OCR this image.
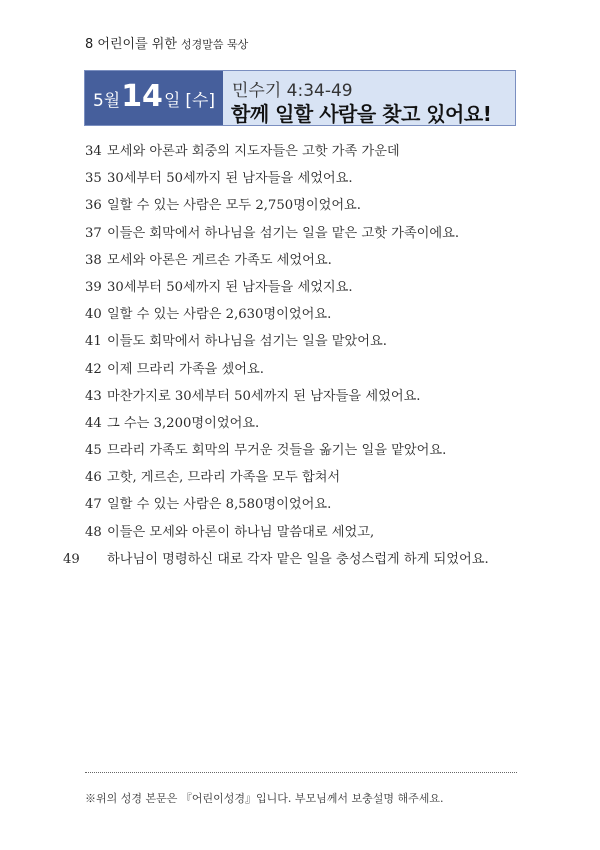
8 어린이를 위한 성경말씀 묵상
5월 14 일 [수] 민수기 4:34-49
함께 일할 사람을 찾고 있어요!
34 모세와 아론과 회중의 지도자들은 고핫 가족 가운데
35 30세부터 50세까지 된 남자들을 세었어요.
36 일할 수 있는 사람은 모두 2,750명이었어요.
37 이들은 회막에서 하나님을 섬기는 일을 맡은 고핫 가족이에요.
38 모세와 아론은 게르손 가족도 세었어요.
39 30세부터 50세까지 된 남자들을 세었지요.
40 일할 수 있는 사람은 2,630명이었어요.
41 이들도 회막에서 하나님을 섬기는 일을 맡았어요.
42 이제 므라리 가족을 셌어요.
43 마찬가지로 30세부터 50세까지 된 남자들을 세었어요.
44 그 수는 3,200명이었어요.
45 므라리 가족도 회막의 무거운 것들을 옮기는 일을 맡았어요.
46 고핫, 게르손, 므라리 가족을 모두 합쳐서
47 일할 수 있는 사람은 8,580명이었어요.
48 이들은 모세와 아론이 하나님 말씀대로 세었고,
49 하나님이 명령하신 대로 각자 맡은 일을 충성스럽게 하게 되었어요.
※위의 성경 본문은 『어린이성경』입니다. 부모님께서 보충설명 해주세요.
